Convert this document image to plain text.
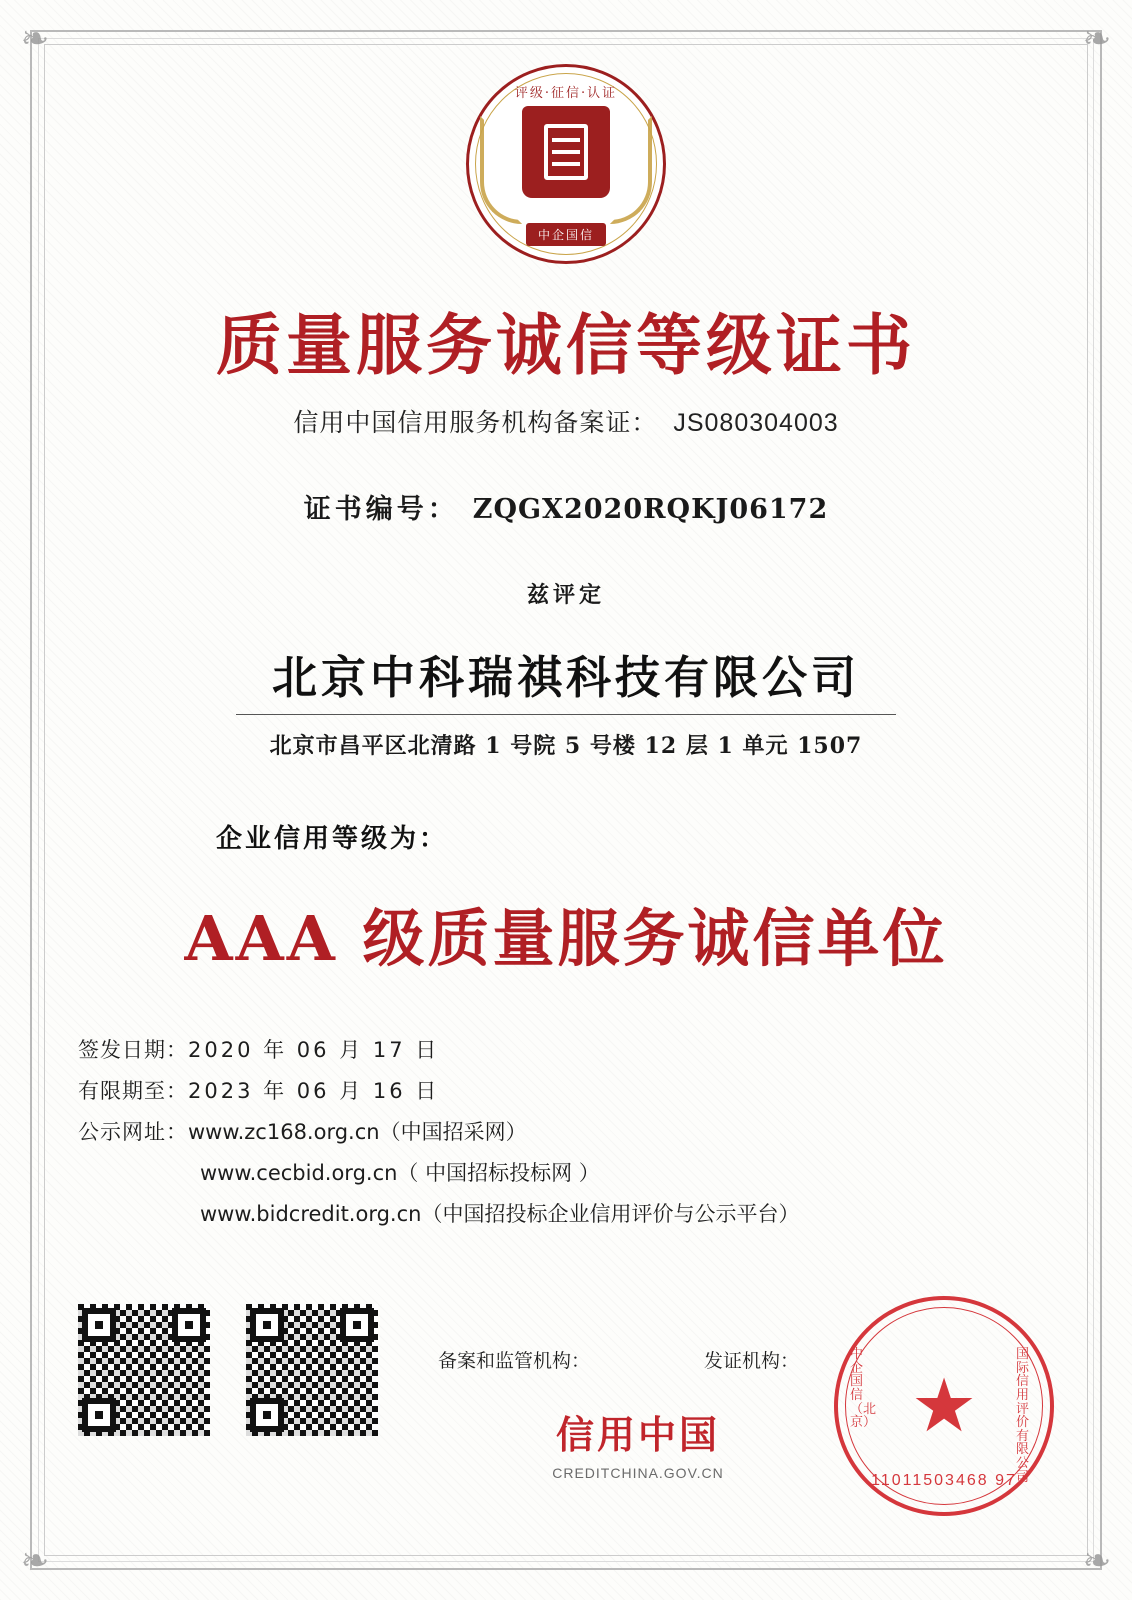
❧	❧
❧	❧
评级·征信·认证
中企国信
质量服务诚信等级证书
信用中国信用服务机构备案证： JS080304003
证书编号： ZQGX2020RQKJ06172
兹评定
北京中科瑞祺科技有限公司
北京市昌平区北清路 1 号院 5 号楼 12 层 1 单元 1507
企业信用等级为：
AAA 级质量服务诚信单位
签发日期：2020 年 06 月 17 日
有限期至：2023 年 06 月 16 日
公示网址：www.zc168.org.cn（中国招采网）
www.cecbid.org.cn（ 中国招标投标网 ）
www.bidcredit.org.cn（中国招投标企业信用评价与公示平台）
备案和监管机构：	发证机构：
信用中国
CREDITCHINA.GOV.CN
中企国信（北京）
国际信用评价有限公司
★
11011503468 97
